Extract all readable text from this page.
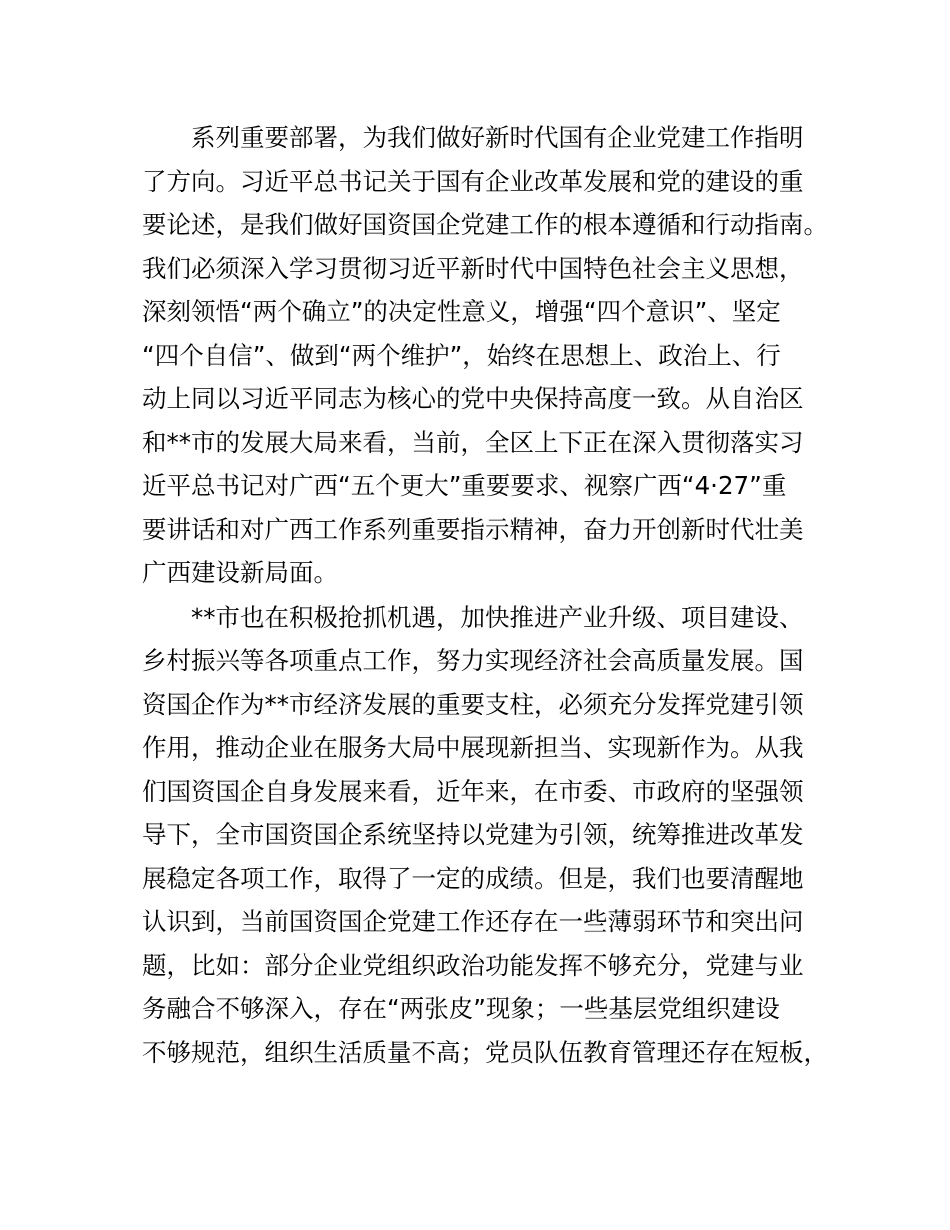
　　系列重要部署，为我们做好新时代国有企业党建工作指明
了方向。习近平总书记关于国有企业改革发展和党的建设的重
要论述，是我们做好国资国企党建工作的根本遵循和行动指南。
我们必须深入学习贯彻习近平新时代中国特色社会主义思想，
深刻领悟“两个确立”的决定性意义，增强“四个意识”、坚定
“四个自信”、做到“两个维护”，始终在思想上、政治上、行
动上同以习近平同志为核心的党中央保持高度一致。从自治区
和**市的发展大局来看，当前，全区上下正在深入贯彻落实习
近平总书记对广西“五个更大”重要要求、视察广西“4·27”重
要讲话和对广西工作系列重要指示精神，奋力开创新时代壮美
广西建设新局面。
　　**市也在积极抢抓机遇，加快推进产业升级、项目建设、
乡村振兴等各项重点工作，努力实现经济社会高质量发展。国
资国企作为**市经济发展的重要支柱，必须充分发挥党建引领
作用，推动企业在服务大局中展现新担当、实现新作为。从我
们国资国企自身发展来看，近年来，在市委、市政府的坚强领
导下，全市国资国企系统坚持以党建为引领，统筹推进改革发
展稳定各项工作，取得了一定的成绩。但是，我们也要清醒地
认识到，当前国资国企党建工作还存在一些薄弱环节和突出问
题，比如：部分企业党组织政治功能发挥不够充分，党建与业
务融合不够深入，存在“两张皮”现象；一些基层党组织建设
不够规范，组织生活质量不高；党员队伍教育管理还存在短板，
